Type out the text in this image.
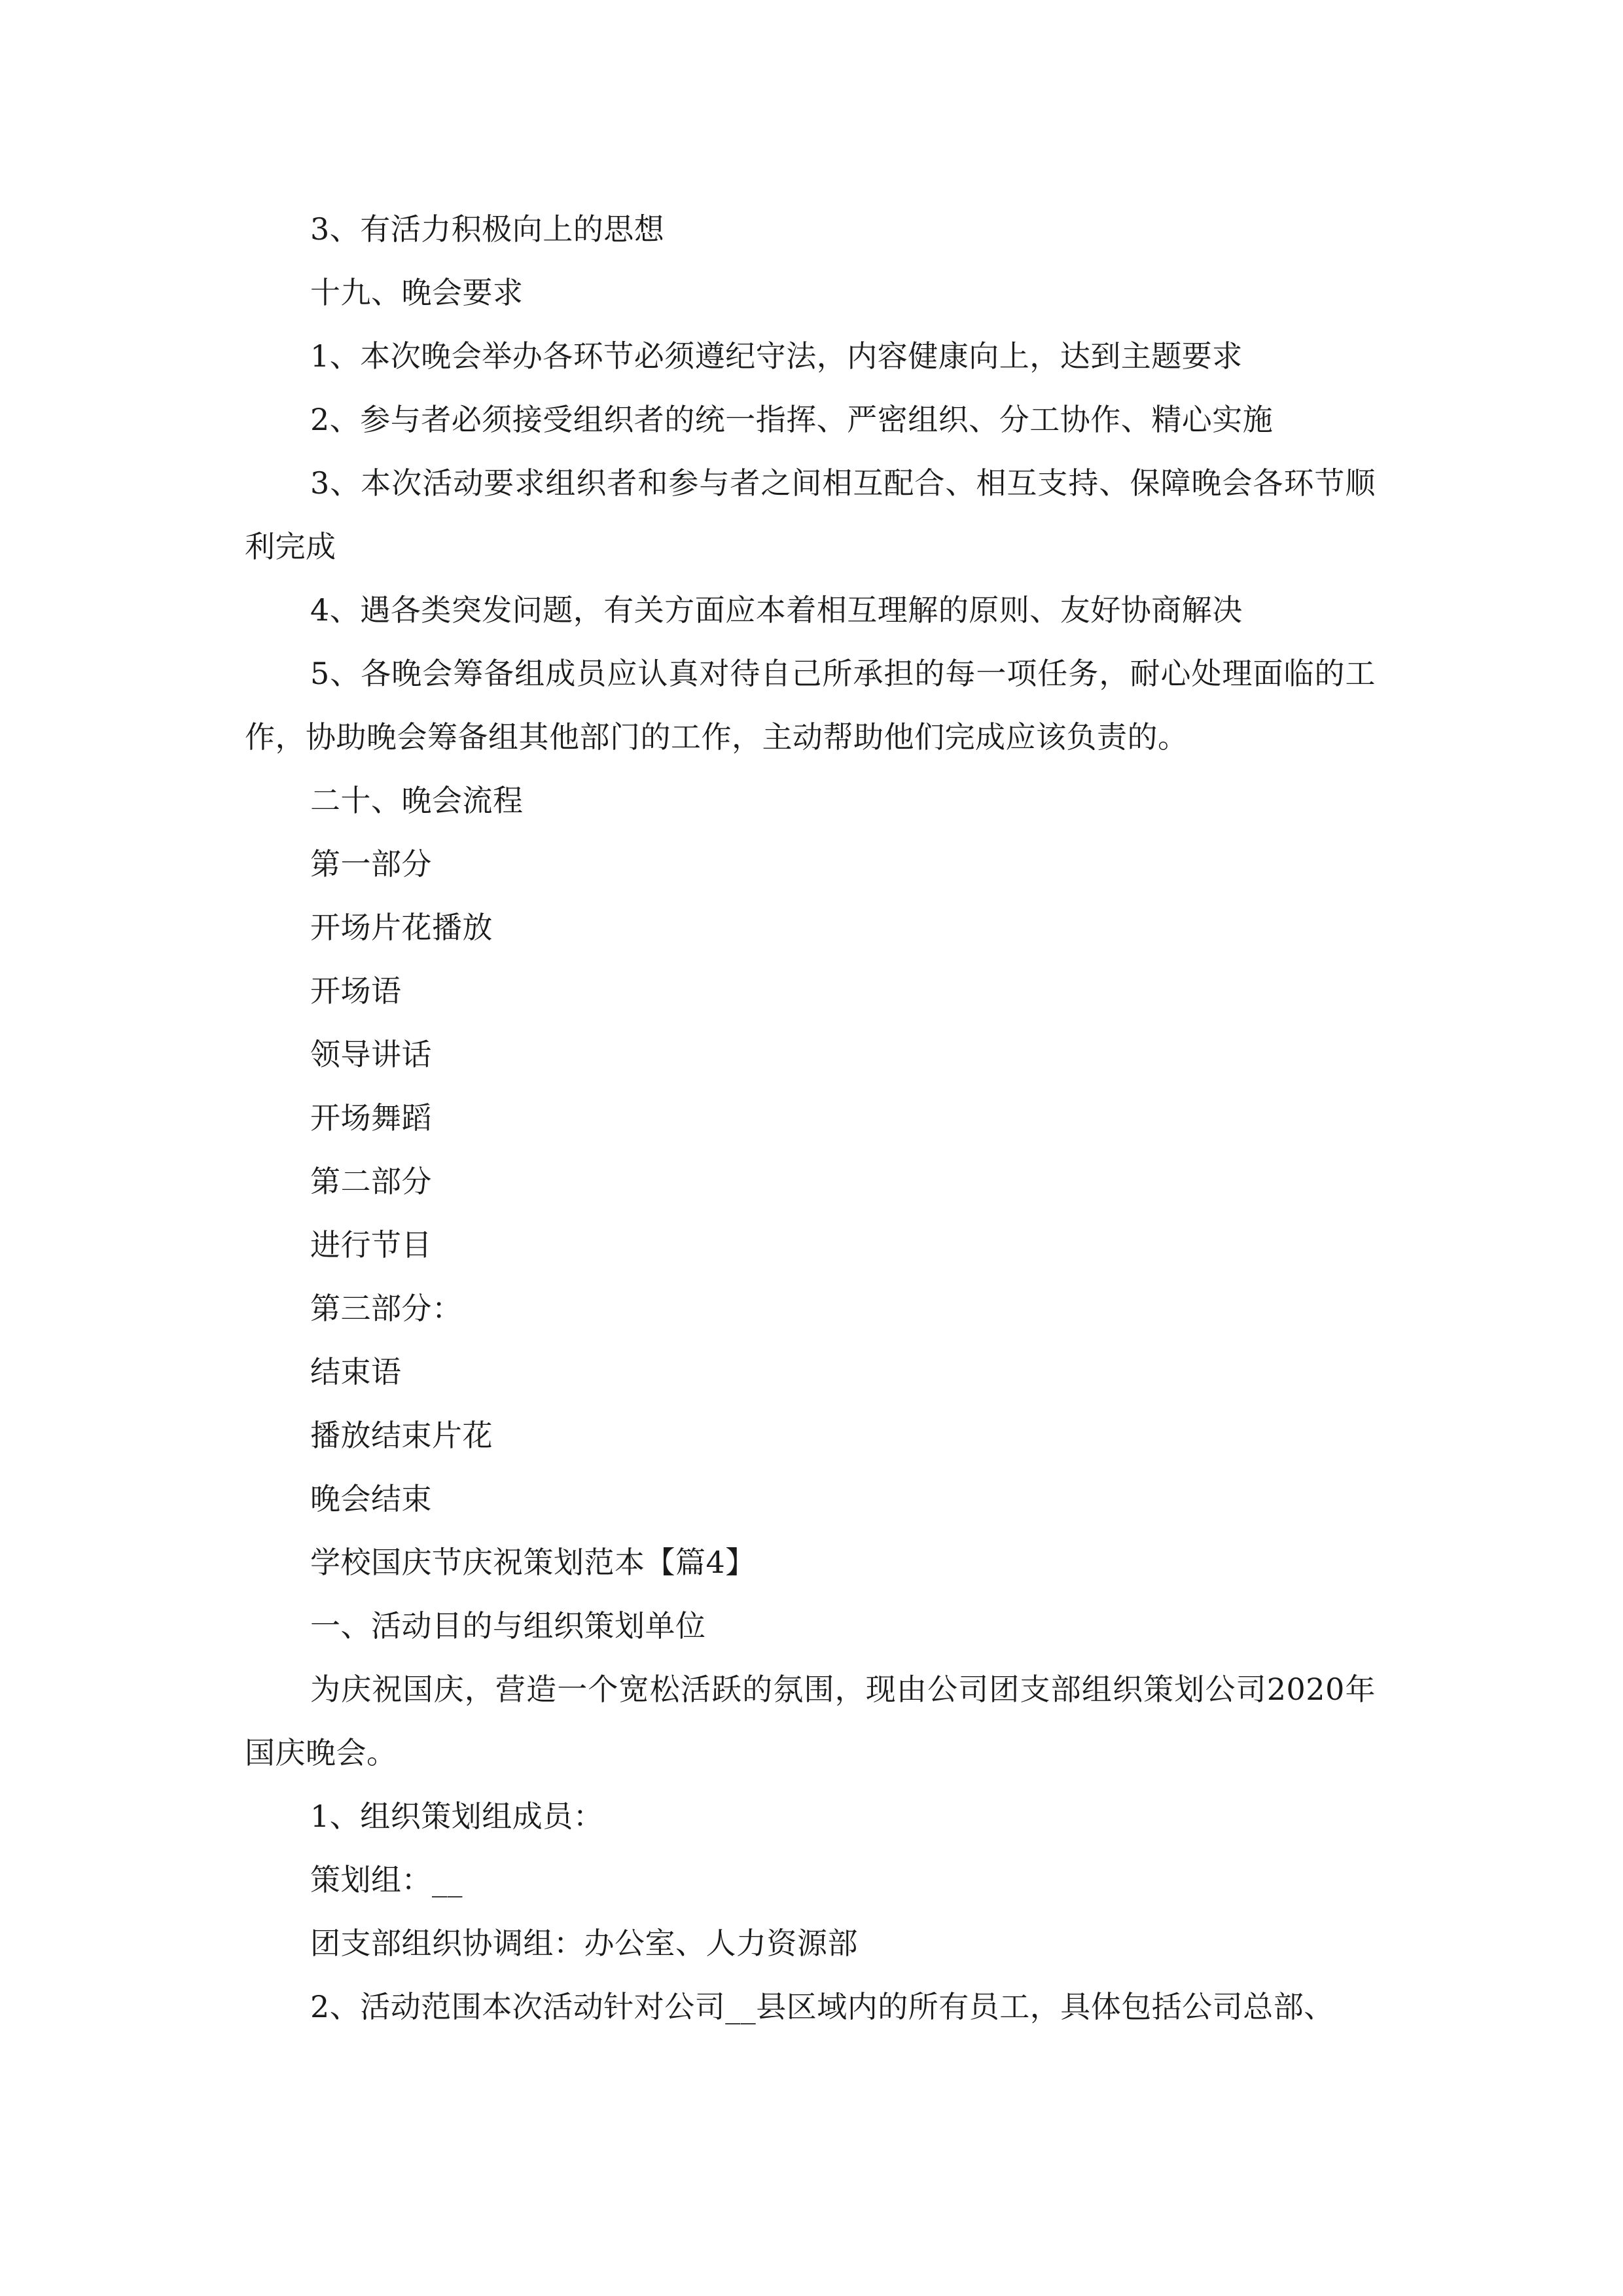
3、有活力积极向上的思想

十九、晚会要求

1、本次晚会举办各环节必须遵纪守法，内容健康向上，达到主题要求

2、参与者必须接受组织者的统一指挥、严密组织、分工协作、精心实施

3、本次活动要求组织者和参与者之间相互配合、相互支持、保障晚会各环节顺利完成

4、遇各类突发问题，有关方面应本着相互理解的原则、友好协商解决

5、各晚会筹备组成员应认真对待自己所承担的每一项任务，耐心处理面临的工作，协助晚会筹备组其他部门的工作，主动帮助他们完成应该负责的。

二十、晚会流程

第一部分

开场片花播放

开场语

领导讲话

开场舞蹈

第二部分

进行节目

第三部分：

结束语

播放结束片花

晚会结束

学校国庆节庆祝策划范本【篇4】

一、活动目的与组织策划单位

为庆祝国庆，营造一个宽松活跃的氛围，现由公司团支部组织策划公司2020年国庆晚会。

1、组织策划组成员：

策划组：__

团支部组织协调组：办公室、人力资源部

2、活动范围本次活动针对公司__县区域内的所有员工，具体包括公司总部、
